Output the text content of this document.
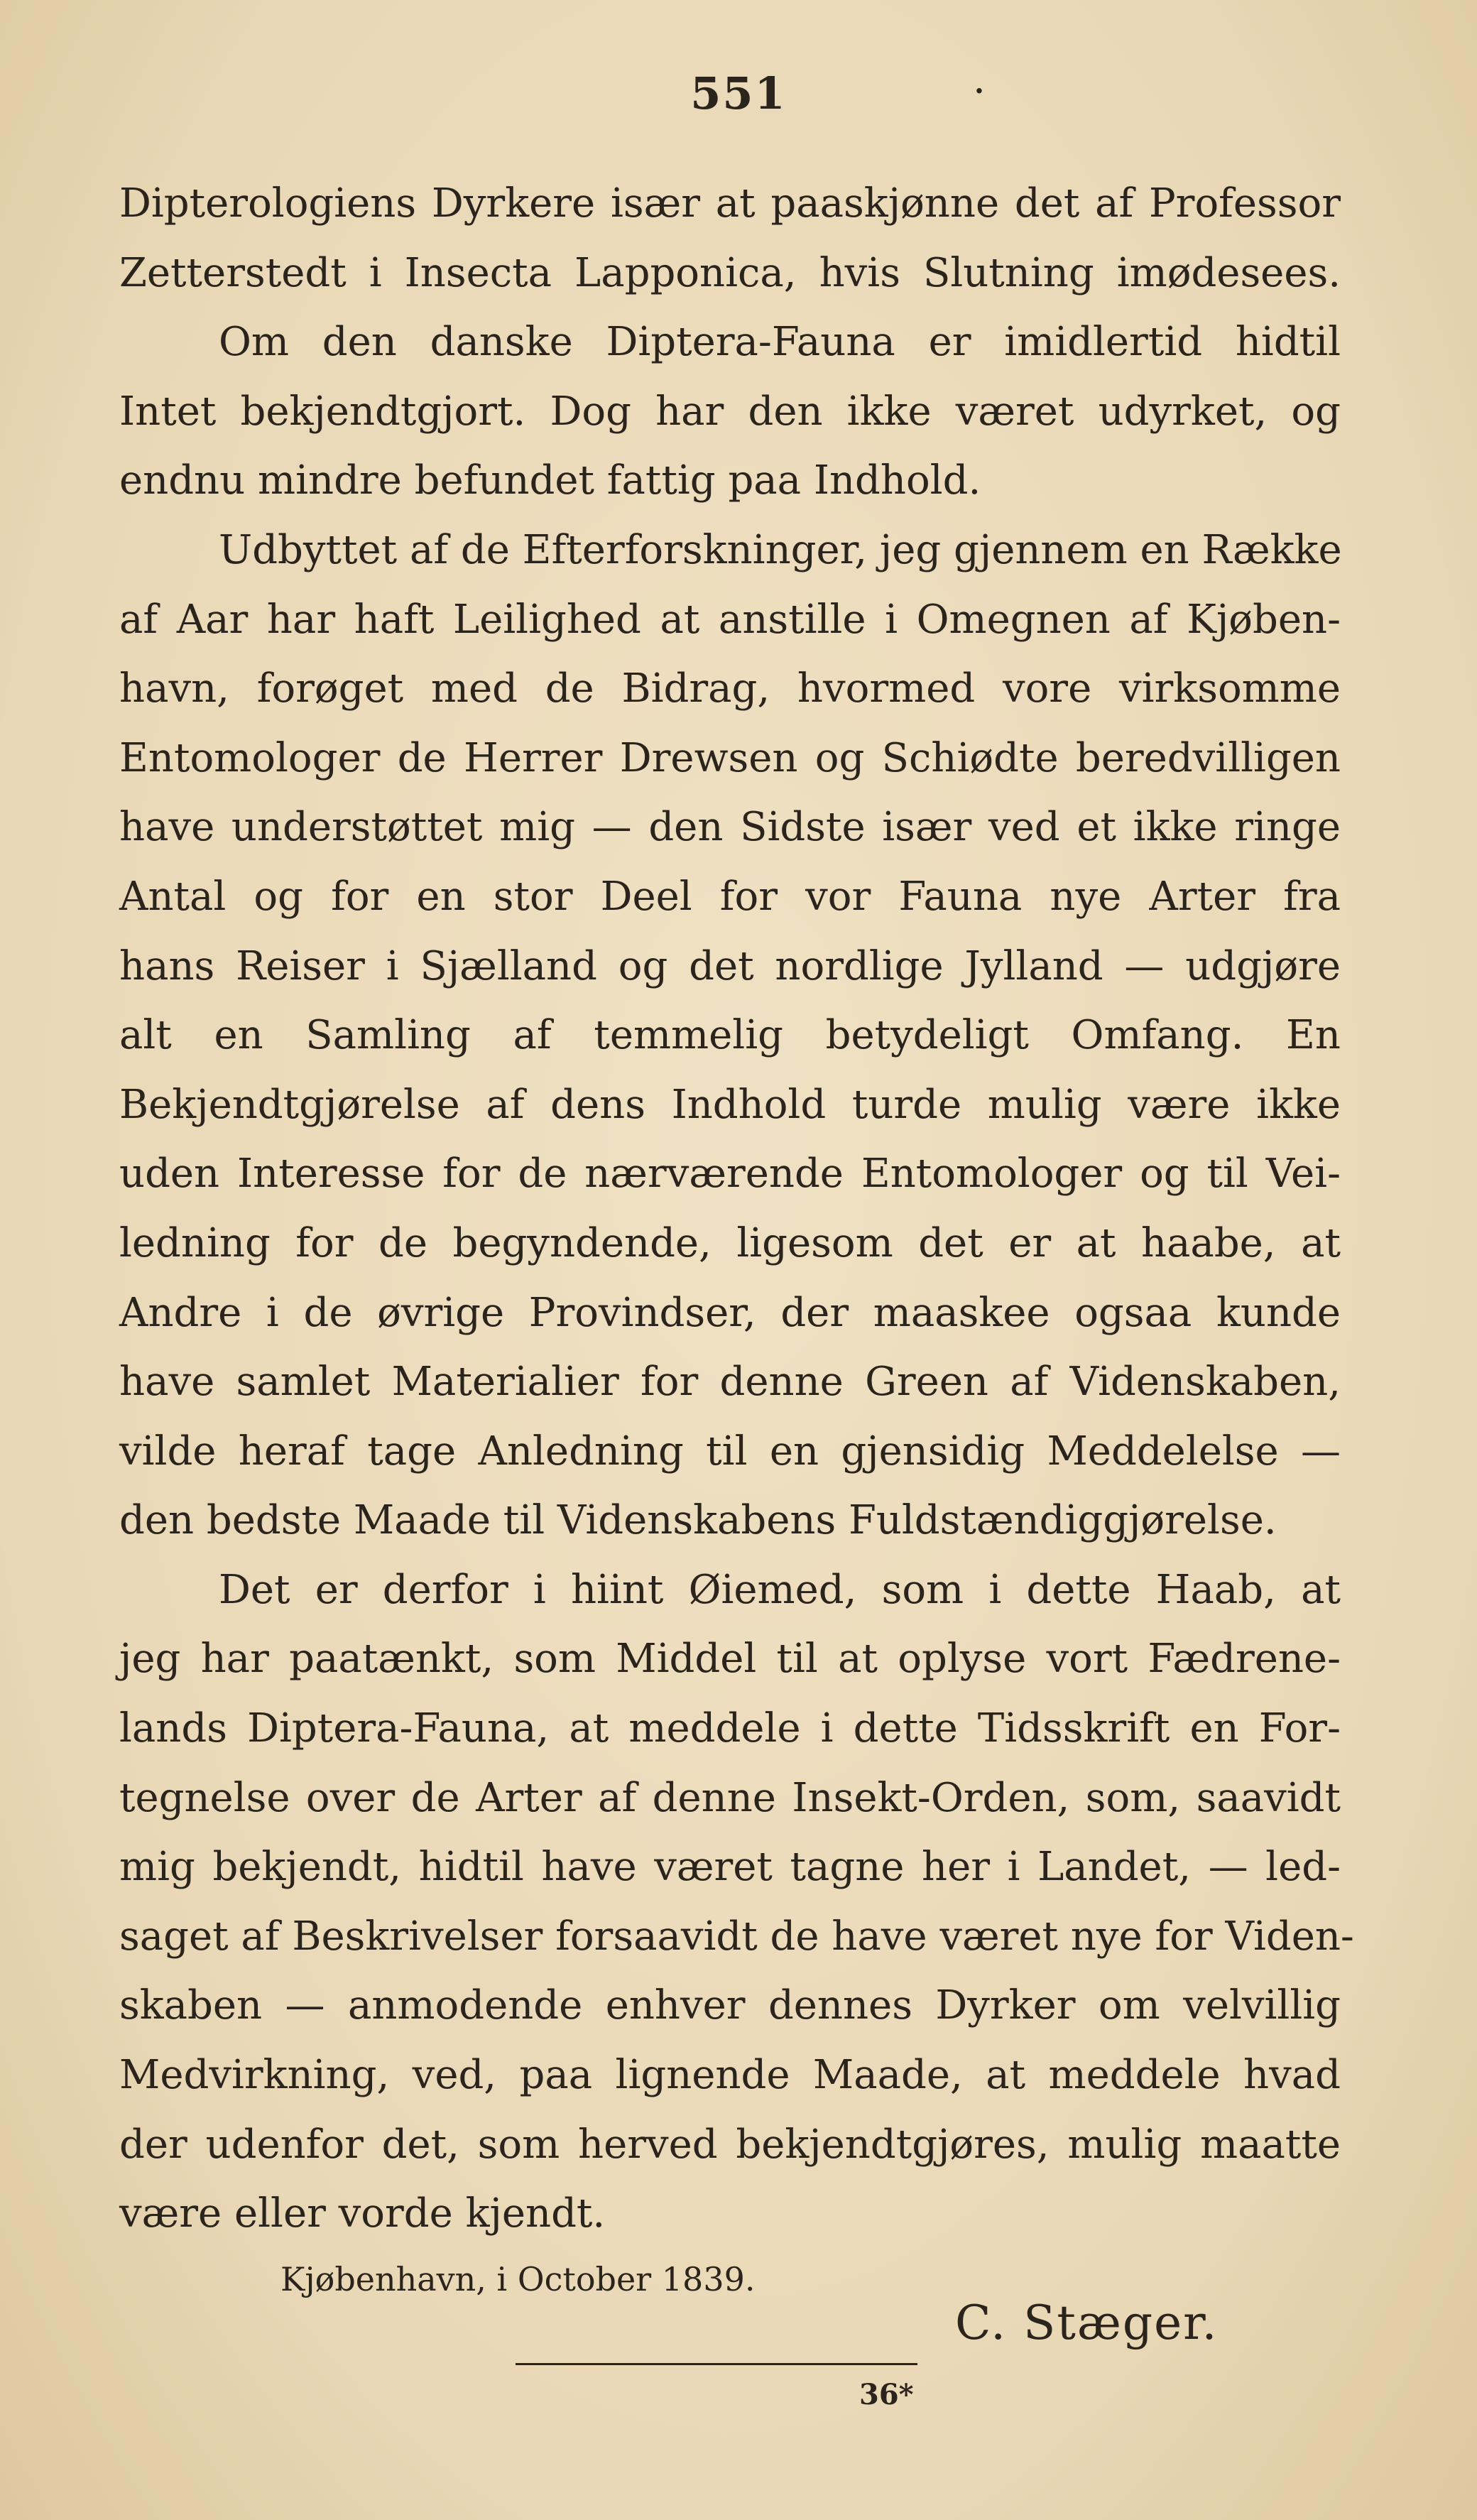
551	·
Dipterologiens Dyrkere især at paaskjønne det af Professor
Zetterstedt i Insecta Lapponica, hvis Slutning imødesees.
Om den danske Diptera-Fauna er imidlertid hidtil
Intet bekjendtgjort. Dog har den ikke været udyrket, og
endnu mindre befundet fattig paa Indhold.
Udbyttet af de Efterforskninger, jeg gjennem en Række
af Aar har haft Leilighed at anstille i Omegnen af Kjøben-
havn, forøget med de Bidrag, hvormed vore virksomme
Entomologer de Herrer Drewsen og Schiødte beredvilligen
have understøttet mig — den Sidste især ved et ikke ringe
Antal og for en stor Deel for vor Fauna nye Arter fra
hans Reiser i Sjælland og det nordlige Jylland — udgjøre
alt en Samling af temmelig betydeligt Omfang. En
Bekjendtgjørelse af dens Indhold turde mulig være ikke
uden Interesse for de nærværende Entomologer og til Vei-
ledning for de begyndende, ligesom det er at haabe, at
Andre i de øvrige Provindser, der maaskee ogsaa kunde
have samlet Materialier for denne Green af Videnskaben,
vilde heraf tage Anledning til en gjensidig Meddelelse —
den bedste Maade til Videnskabens Fuldstændiggjørelse.
Det er derfor i hiint Øiemed, som i dette Haab, at
jeg har paatænkt, som Middel til at oplyse vort Fædrene-
lands Diptera-Fauna, at meddele i dette Tidsskrift en For-
tegnelse over de Arter af denne Insekt-Orden, som, saavidt
mig bekjendt, hidtil have været tagne her i Landet, — led-
saget af Beskrivelser forsaavidt de have været nye for Viden-
skaben — anmodende enhver dennes Dyrker om velvillig
Medvirkning, ved, paa lignende Maade, at meddele hvad
der udenfor det, som herved bekjendtgjøres, mulig maatte
være eller vorde kjendt.
Kjøbenhavn, i October 1839.
C. Stæger.
36*
